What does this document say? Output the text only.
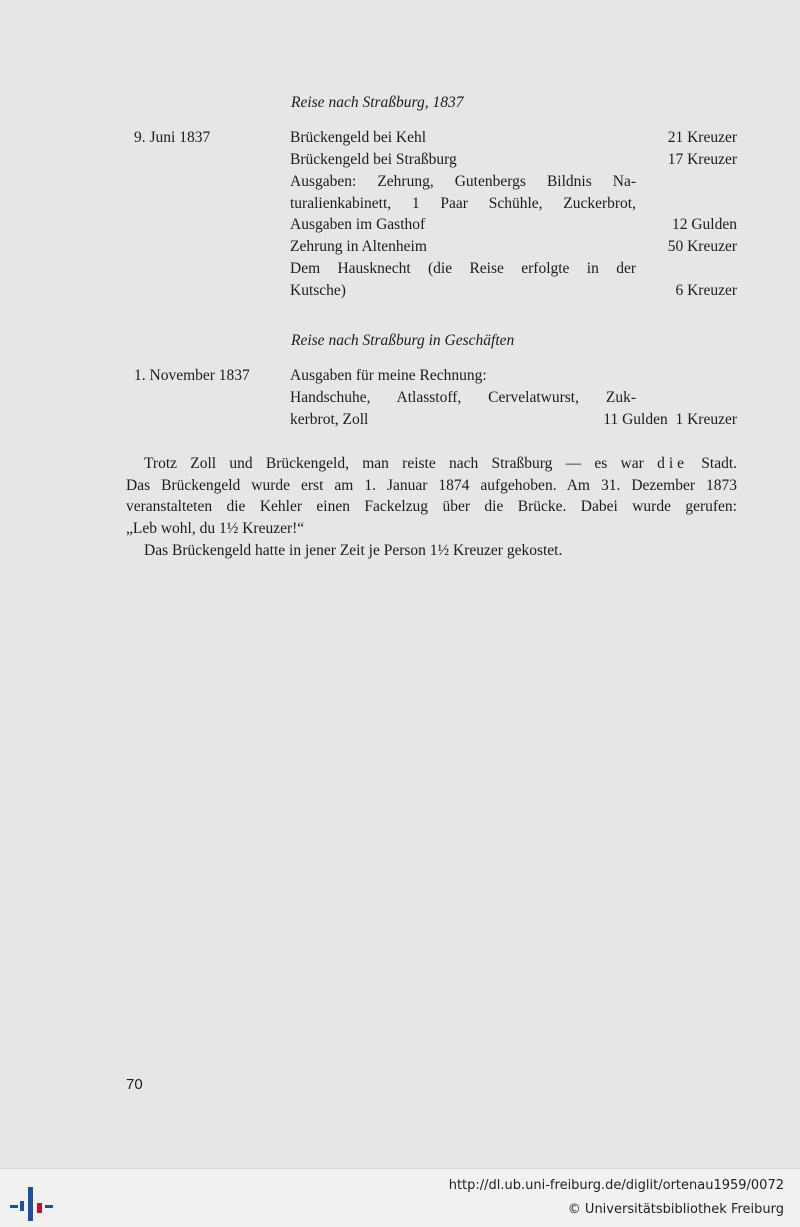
Reise nach Straßburg, 1837
9. Juni 1837	Brückengeld bei Kehl	21 Kreuzer
Brückengeld bei Straßburg	17 Kreuzer
Ausgaben: Zehrung, Gutenbergs Bildnis Na-
turalienkabinett, 1 Paar Schühle, Zuckerbrot,
Ausgaben im Gasthof	12 Gulden
Zehrung in Altenheim	50 Kreuzer
Dem Hausknecht (die Reise erfolgte in der
Kutsche)	6 Kreuzer
Reise nach Straßburg in Geschäften
1. November 1837	Ausgaben für meine Rechnung:
Handschuhe, Atlasstoff, Cervelatwurst, Zuk-
kerbrot, Zoll	11 Gulden  1 Kreuzer
Trotz Zoll und Brückengeld, man reiste nach Straßburg — es war die Stadt.
Das Brückengeld wurde erst am 1. Januar 1874 aufgehoben. Am 31. Dezember 1873
veranstalteten die Kehler einen Fackelzug über die Brücke. Dabei wurde gerufen:
„Leb wohl, du 1½ Kreuzer!“
Das Brückengeld hatte in jener Zeit je Person 1½ Kreuzer gekostet.
70
http://dl.ub.uni-freiburg.de/diglit/ortenau1959/0072
© Universitätsbibliothek Freiburg
